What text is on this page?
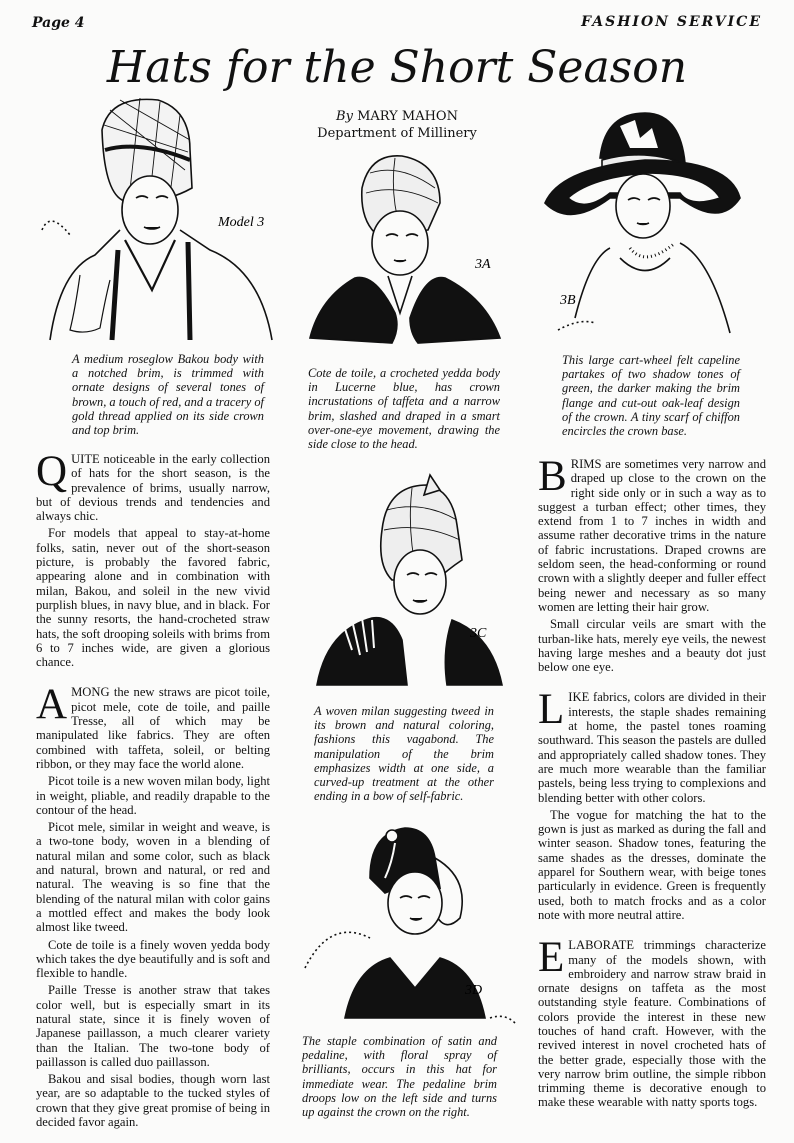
Page 4	FASHION SERVICE
Hats for the Short Season
By MARY MAHON
Department of Millinery
Model 3
3A
3B
3C
3D
A medium roseglow Bakou body with a notched brim, is trimmed with ornate designs of several tones of brown, a touch of red, and a tracery of gold thread applied on its side crown and top brim.
Cote de toile, a crocheted yedda body in Lucerne blue, has crown incrustations of taffeta and a narrow brim, slashed and draped in a smart over-one-eye movement, drawing the side close to the head.
This large cart-wheel felt capeline partakes of two shadow tones of green, the darker making the brim flange and cut-out oak-leaf design of the crown. A tiny scarf of chiffon encircles the crown base.
A woven milan suggesting tweed in its brown and natural coloring, fashions this vagabond. The manipulation of the brim emphasizes width at one side, a curved-up treatment at the other ending in a bow of self-fabric.
The staple combination of satin and pedaline, with floral spray of brilliants, occurs in this hat for immediate wear. The pedaline brim droops low on the left side and turns up against the crown on the right.

QUITE noticeable in the early collection of hats for the short season, is the prevalence of brims, usually narrow, but of devious trends and tendencies and always chic.

For models that appeal to stay-at-home folks, satin, never out of the short-season picture, is probably the favored fabric, appearing alone and in combination with milan, Bakou, and soleil in the new vivid purplish blues, in navy blue, and in black. For the sunny resorts, the hand-crocheted straw hats, the soft drooping soleils with brims from 6 to 7 inches wide, are given a glorious chance.

AMONG the new straws are picot toile, picot mele, cote de toile, and paille Tresse, all of which may be manipulated like fabrics. They are often combined with taffeta, soleil, or belting ribbon, or they may face the world alone.

Picot toile is a new woven milan body, light in weight, pliable, and readily drapable to the contour of the head.

Picot mele, similar in weight and weave, is a two-tone body, woven in a blending of natural milan and some color, such as black and natural, brown and natural, or red and natural. The weaving is so fine that the blending of the natural milan with color gains a mottled effect and makes the body look almost like tweed.

Cote de toile is a finely woven yedda body which takes the dye beautifully and is soft and flexible to handle.

Paille Tresse is another straw that takes color well, but is especially smart in its natural state, since it is finely woven of Japanese paillasson, a much clearer variety than the Italian. The two-tone body of paillasson is called duo paillasson.

Bakou and sisal bodies, though worn last year, are so adaptable to the tucked styles of crown that they give great promise of being in decided favor again.

BRIMS are sometimes very narrow and draped up close to the crown on the right side only or in such a way as to suggest a turban effect; other times, they extend from 1 to 7 inches in width and assume rather decorative trims in the nature of fabric incrustations. Draped crowns are seldom seen, the head-conforming or round crown with a slightly deeper and fuller effect being newer and necessary as so many women are letting their hair grow.

Small circular veils are smart with the turban-like hats, merely eye veils, the newest having large meshes and a beauty dot just below one eye.

LIKE fabrics, colors are divided in their interests, the staple shades remaining at home, the pastel tones roaming southward. This season the pastels are dulled and appropriately called shadow tones. They are much more wearable than the familiar pastels, being less trying to complexions and blending better with other colors.

The vogue for matching the hat to the gown is just as marked as during the fall and winter season. Shadow tones, featuring the same shades as the dresses, dominate the apparel for Southern wear, with beige tones particularly in evidence. Green is frequently used, both to match frocks and as a color note with more neutral attire.

ELABORATE trimmings characterize many of the models shown, with embroidery and narrow straw braid in ornate designs on taffeta as the most outstanding style feature. Combinations of colors provide the interest in these new touches of hand craft. However, with the revived interest in novel crocheted hats of the better grade, especially those with the very narrow brim outline, the simple ribbon trimming theme is decorative enough to make these wearable with natty sports togs.
